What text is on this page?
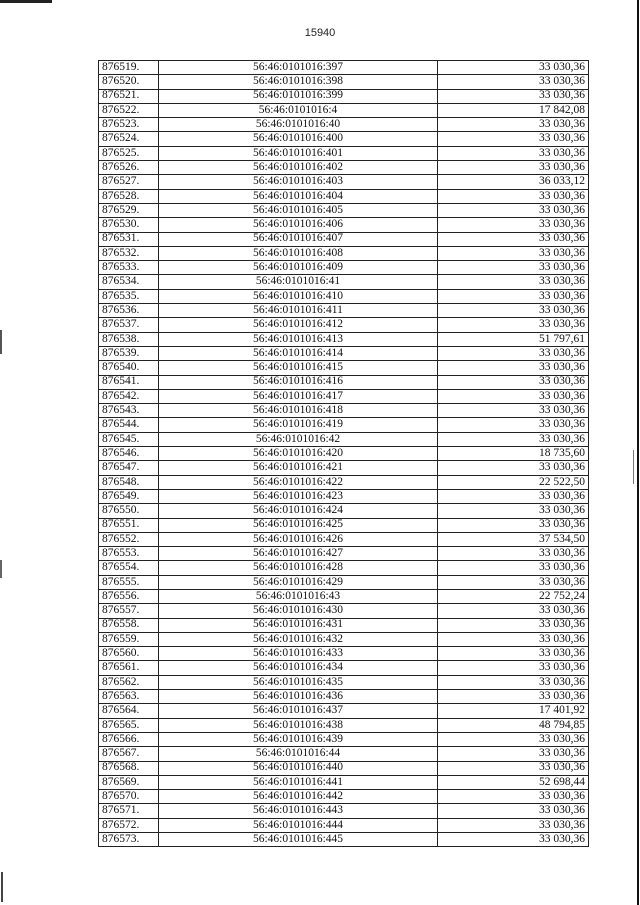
15940
876519.	56:46:0101016:397	33 030,36
876520.	56:46:0101016:398	33 030,36
876521.	56:46:0101016:399	33 030,36
876522.	56:46:0101016:4	17 842,08
876523.	56:46:0101016:40	33 030,36
876524.	56:46:0101016:400	33 030,36
876525.	56:46:0101016:401	33 030,36
876526.	56:46:0101016:402	33 030,36
876527.	56:46:0101016:403	36 033,12
876528.	56:46:0101016:404	33 030,36
876529.	56:46:0101016:405	33 030,36
876530.	56:46:0101016:406	33 030,36
876531.	56:46:0101016:407	33 030,36
876532.	56:46:0101016:408	33 030,36
876533.	56:46:0101016:409	33 030,36
876534.	56:46:0101016:41	33 030,36
876535.	56:46:0101016:410	33 030,36
876536.	56:46:0101016:411	33 030,36
876537.	56:46:0101016:412	33 030,36
876538.	56:46:0101016:413	51 797,61
876539.	56:46:0101016:414	33 030,36
876540.	56:46:0101016:415	33 030,36
876541.	56:46:0101016:416	33 030,36
876542.	56:46:0101016:417	33 030,36
876543.	56:46:0101016:418	33 030,36
876544.	56:46:0101016:419	33 030,36
876545.	56:46:0101016:42	33 030,36
876546.	56:46:0101016:420	18 735,60
876547.	56:46:0101016:421	33 030,36
876548.	56:46:0101016:422	22 522,50
876549.	56:46:0101016:423	33 030,36
876550.	56:46:0101016:424	33 030,36
876551.	56:46:0101016:425	33 030,36
876552.	56:46:0101016:426	37 534,50
876553.	56:46:0101016:427	33 030,36
876554.	56:46:0101016:428	33 030,36
876555.	56:46:0101016:429	33 030,36
876556.	56:46:0101016:43	22 752,24
876557.	56:46:0101016:430	33 030,36
876558.	56:46:0101016:431	33 030,36
876559.	56:46:0101016:432	33 030,36
876560.	56:46:0101016:433	33 030,36
876561.	56:46:0101016:434	33 030,36
876562.	56:46:0101016:435	33 030,36
876563.	56:46:0101016:436	33 030,36
876564.	56:46:0101016:437	17 401,92
876565.	56:46:0101016:438	48 794,85
876566.	56:46:0101016:439	33 030,36
876567.	56:46:0101016:44	33 030,36
876568.	56:46:0101016:440	33 030,36
876569.	56:46:0101016:441	52 698,44
876570.	56:46:0101016:442	33 030,36
876571.	56:46:0101016:443	33 030,36
876572.	56:46:0101016:444	33 030,36
876573.	56:46:0101016:445	33 030,36
